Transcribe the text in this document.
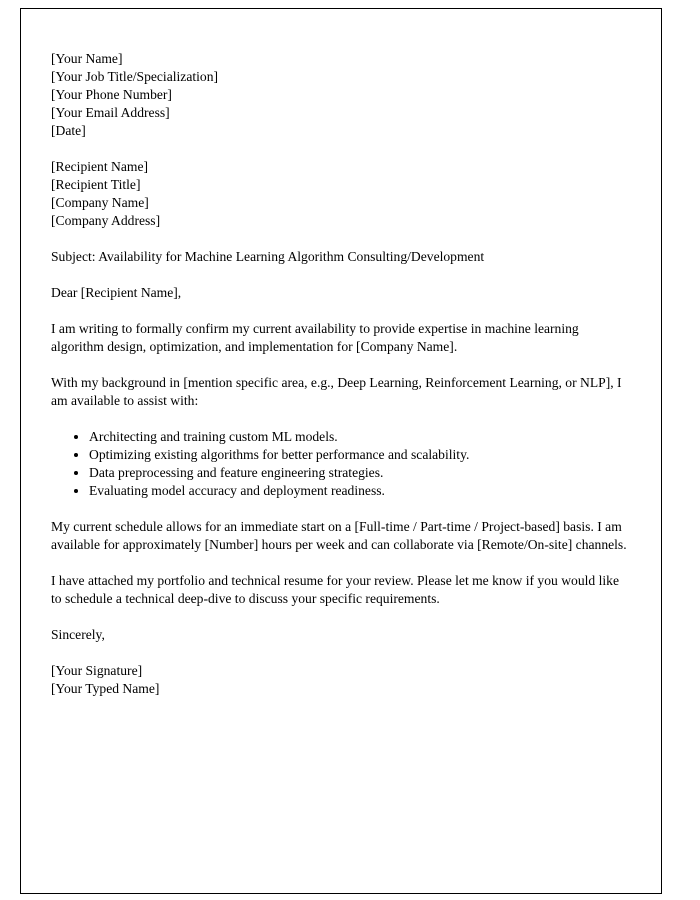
[Your Name]
[Your Job Title/Specialization]
[Your Phone Number]
[Your Email Address]
[Date]
[Recipient Name]
[Recipient Title]
[Company Name]
[Company Address]

Subject: Availability for Machine Learning Algorithm Consulting/Development

Dear [Recipient Name],

I am writing to formally confirm my current availability to provide expertise in machine learning algorithm design, optimization, and implementation for [Company Name].

With my background in [mention specific area, e.g., Deep Learning, Reinforcement Learning, or NLP], I am available to assist with:

• Architecting and training custom ML models.
• Optimizing existing algorithms for better performance and scalability.
• Data preprocessing and feature engineering strategies.
• Evaluating model accuracy and deployment readiness.

My current schedule allows for an immediate start on a [Full-time / Part-time / Project-based] basis. I am available for approximately [Number] hours per week and can collaborate via [Remote/On-site] channels.

I have attached my portfolio and technical resume for your review. Please let me know if you would like to schedule a technical deep-dive to discuss your specific requirements.

Sincerely,

[Your Signature]
[Your Typed Name]
